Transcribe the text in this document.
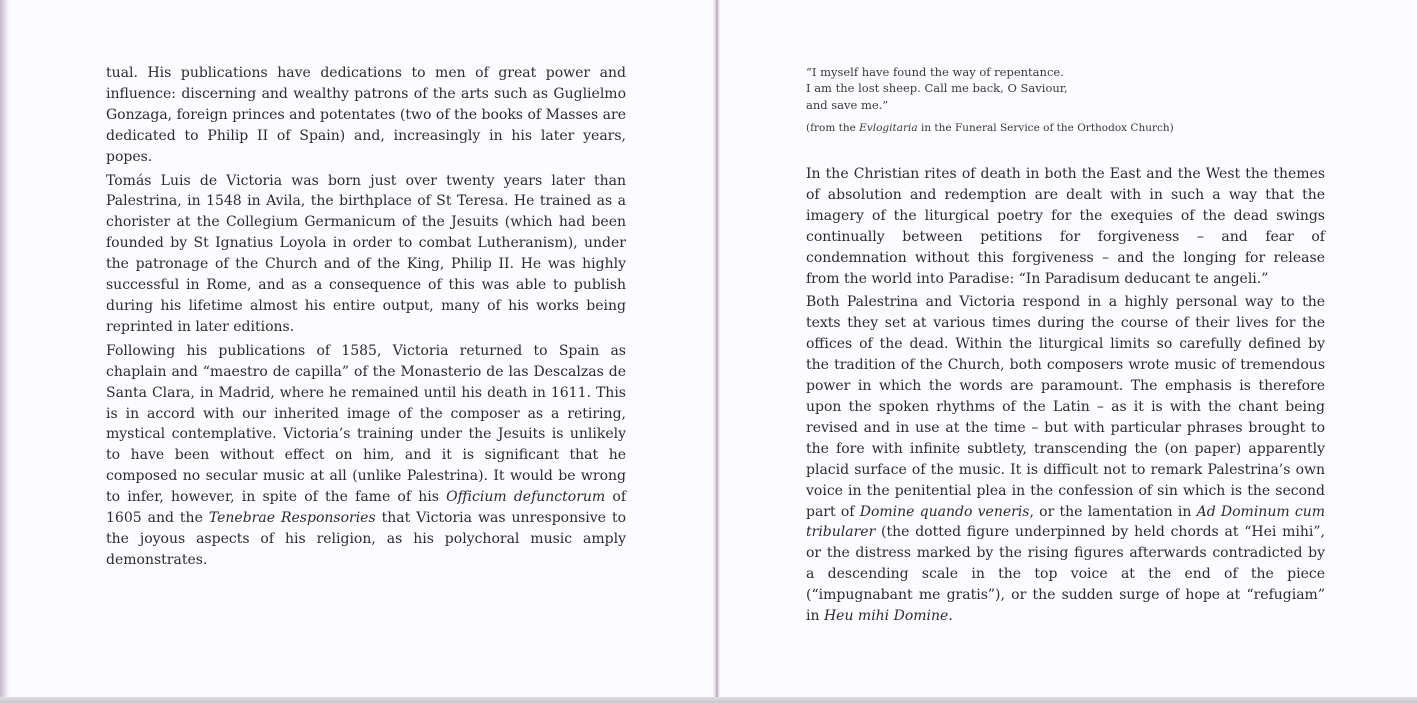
tual. His publications have dedications to men of great power and influence: discerning and wealthy patrons of the arts such as Guglielmo Gonzaga, foreign princes and potentates (two of the books of Masses are dedicated to Philip II of Spain) and, increasingly in his later years, popes.

Tomás Luis de Victoria was born just over twenty years later than Palestrina, in 1548 in Avila, the birthplace of St Teresa. He trained as a chorister at the Collegium Germanicum of the Jesuits (which had been founded by St Ignatius Loyola in order to combat Lutheranism), under the patronage of the Church and of the King, Philip II. He was highly successful in Rome, and as a consequence of this was able to publish during his lifetime almost his entire output, many of his works being reprinted in later editions.

Following his publications of 1585, Victoria returned to Spain as chaplain and “maestro de capilla” of the Monasterio de las Descalzas de Santa Clara, in Madrid, where he remained until his death in 1611. This is in accord with our inherited image of the composer as a retiring, mystical contemplative. Victoria’s training under the Jesuits is unlikely to have been without effect on him, and it is significant that he composed no secular music at all (unlike Palestrina). It would be wrong to infer, however, in spite of the fame of his Officium defunctorum of 1605 and the Tenebrae Responsories that Victoria was unresponsive to the joyous aspects of his religion, as his polychoral music amply demonstrates.

“I myself have found the way of repentance.
I am the lost sheep. Call me back, O Saviour,
and save me.”
(from the Evlogitaria in the Funeral Service of the Orthodox Church)

In the Christian rites of death in both the East and the West the themes of absolution and redemption are dealt with in such a way that the imagery of the liturgical poetry for the exequies of the dead swings continually between petitions for forgiveness – and fear of condemnation without this forgiveness – and the longing for release from the world into Paradise: “In Paradisum deducant te angeli.”

Both Palestrina and Victoria respond in a highly personal way to the texts they set at various times during the course of their lives for the offices of the dead. Within the liturgical limits so carefully defined by the tradition of the Church, both composers wrote music of tremendous power in which the words are paramount. The emphasis is therefore upon the spoken rhythms of the Latin – as it is with the chant being revised and in use at the time – but with particular phrases brought to the fore with infinite subtlety, transcending the (on paper) apparently placid surface of the music. It is difficult not to remark Palestrina’s own voice in the penitential plea in the confession of sin which is the second part of Domine quando veneris, or the lamentation in Ad Dominum cum tribularer (the dotted figure underpinned by held chords at “Hei mihi”, or the distress marked by the rising figures afterwards contradicted by a descending scale in the top voice at the end of the piece (“impugnabant me gratis”), or the sudden surge of hope at “refugiam” in Heu mihi Domine.
